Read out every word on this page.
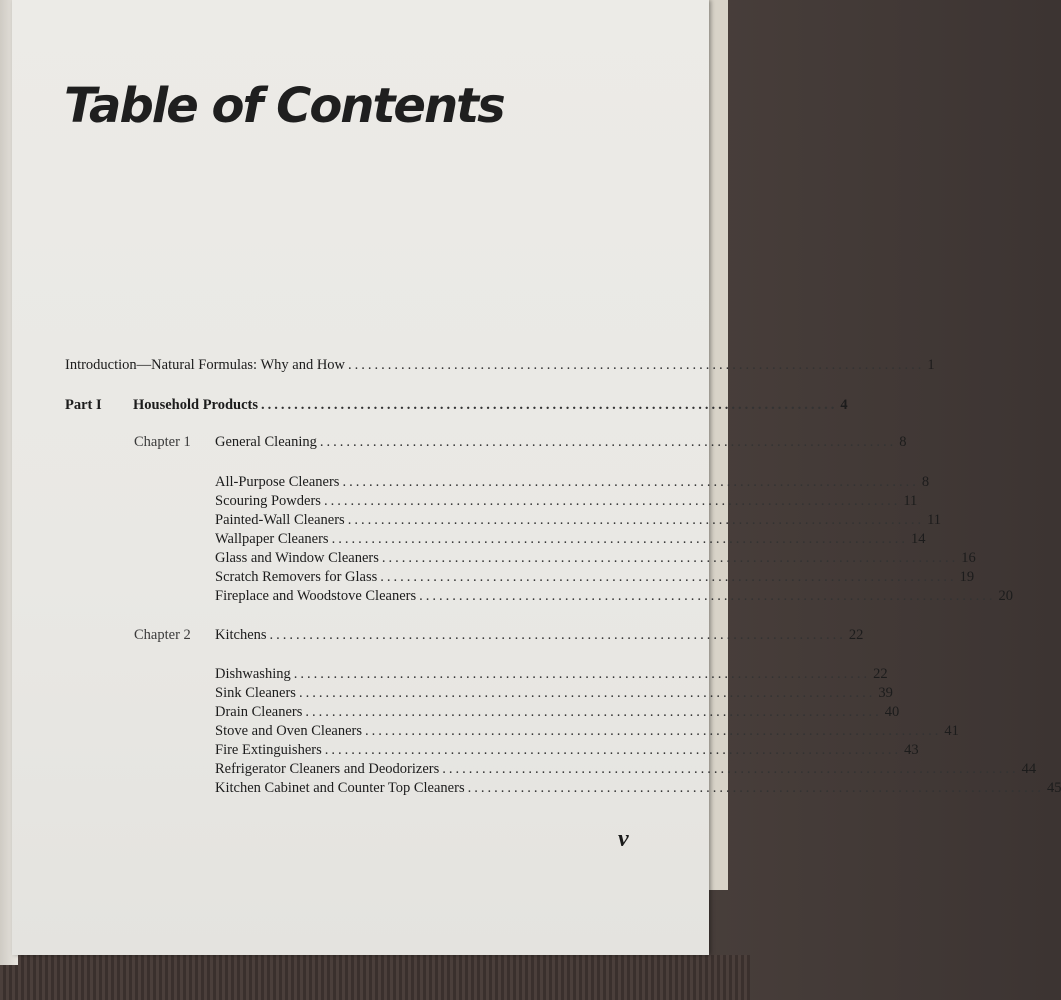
Table of Contents
Introduction—Natural Formulas: Why and How ....................................................................................... 1
Part I Household Products ....................................................................................... 4
Chapter 1 General Cleaning ....................................................................................... 8
All-Purpose Cleaners ....................................................................................... 8
Scouring Powders ....................................................................................... 11
Painted-Wall Cleaners ....................................................................................... 11
Wallpaper Cleaners ....................................................................................... 14
Glass and Window Cleaners ....................................................................................... 16
Scratch Removers for Glass ....................................................................................... 19
Fireplace and Woodstove Cleaners ....................................................................................... 20
Chapter 2 Kitchens ....................................................................................... 22
Dishwashing ....................................................................................... 22
Sink Cleaners ....................................................................................... 39
Drain Cleaners ....................................................................................... 40
Stove and Oven Cleaners ....................................................................................... 41
Fire Extinguishers ....................................................................................... 43
Refrigerator Cleaners and Deodorizers ....................................................................................... 44
Kitchen Cabinet and Counter Top Cleaners ....................................................................................... 45
v
